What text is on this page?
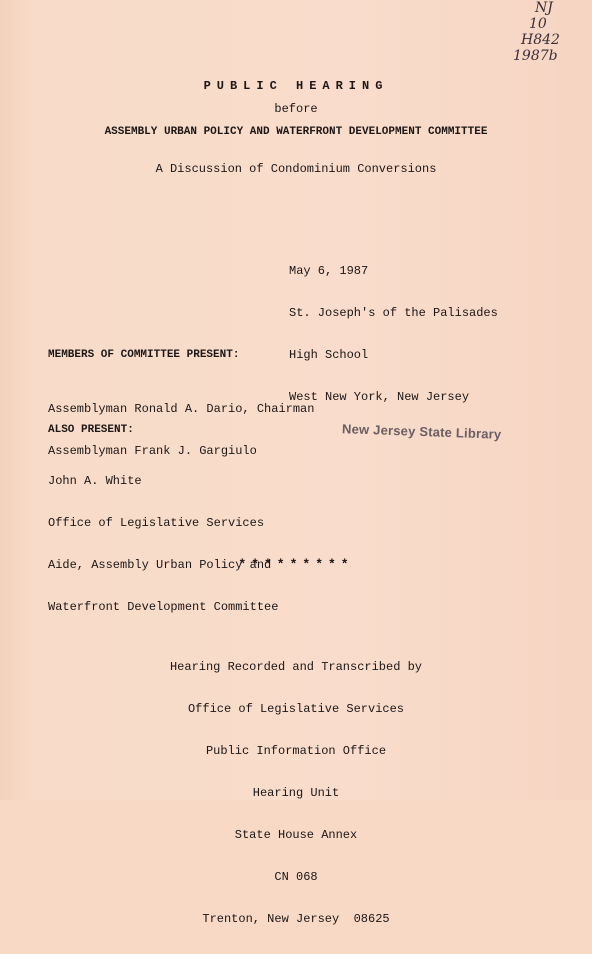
NJ
10
H842
1987b
PUBLIC HEARING
before
ASSEMBLY URBAN POLICY AND WATERFRONT DEVELOPMENT COMMITTEE
A Discussion of Condominium Conversions

May 6, 1987

St. Joseph's of the Palisades

High School

West New York, New Jersey

MEMBERS OF COMMITTEE PRESENT:

Assemblyman Ronald A. Dario, Chairman

Assemblyman Frank J. Gargiulo

ALSO PRESENT:	New Jersey State Library

John A. White

Office of Legislative Services

Aide, Assembly Urban Policy and

Waterfront Development Committee

*********

Hearing Recorded and Transcribed by

Office of Legislative Services

Public Information Office

Hearing Unit

State House Annex

CN 068

Trenton, New Jersey  08625
